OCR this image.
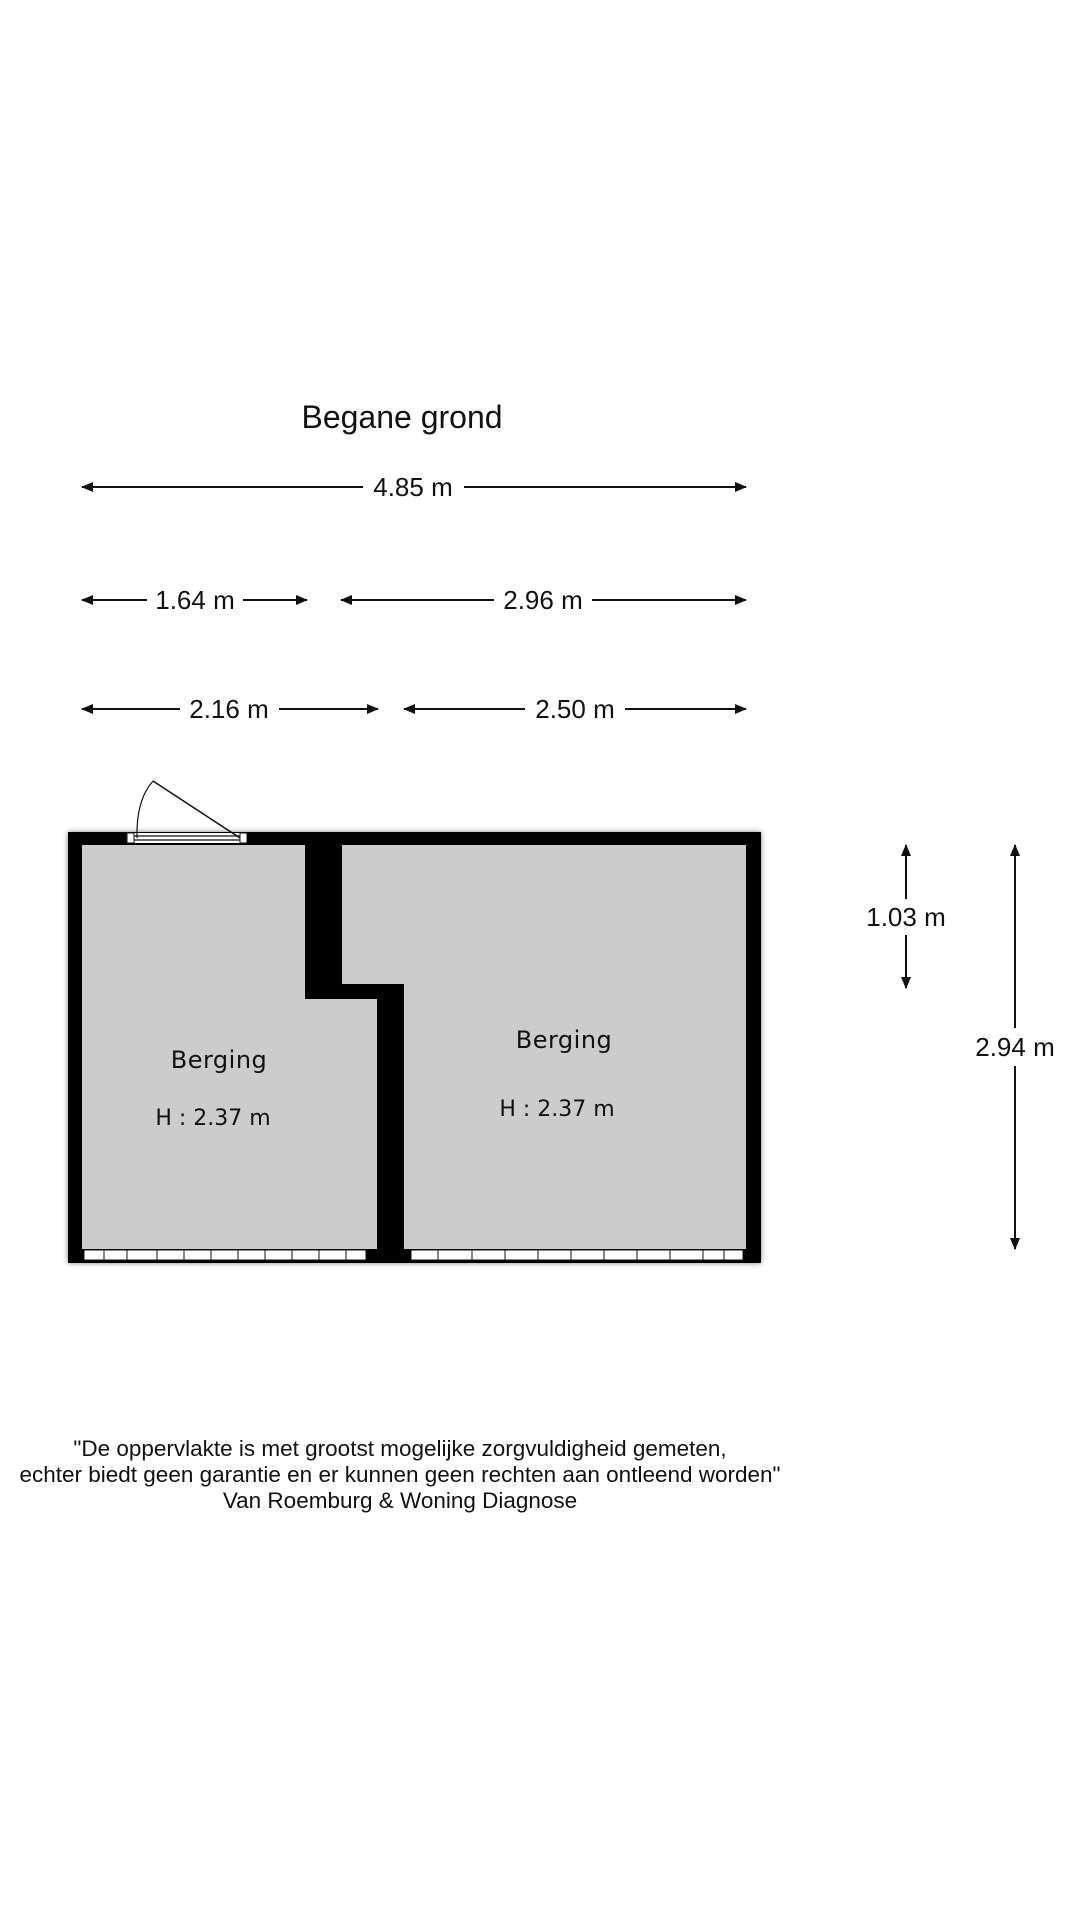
Begane grond
4.85 m
1.64 m	2.96 m
2.16 m	2.50 m
1.03 m
2.94 m
Berging
H : 2.37 m
Berging
H : 2.37 m
"De oppervlakte is met grootst mogelijke zorgvuldigheid gemeten,
echter biedt geen garantie en er kunnen geen rechten aan ontleend worden"
Van Roemburg & Woning Diagnose
